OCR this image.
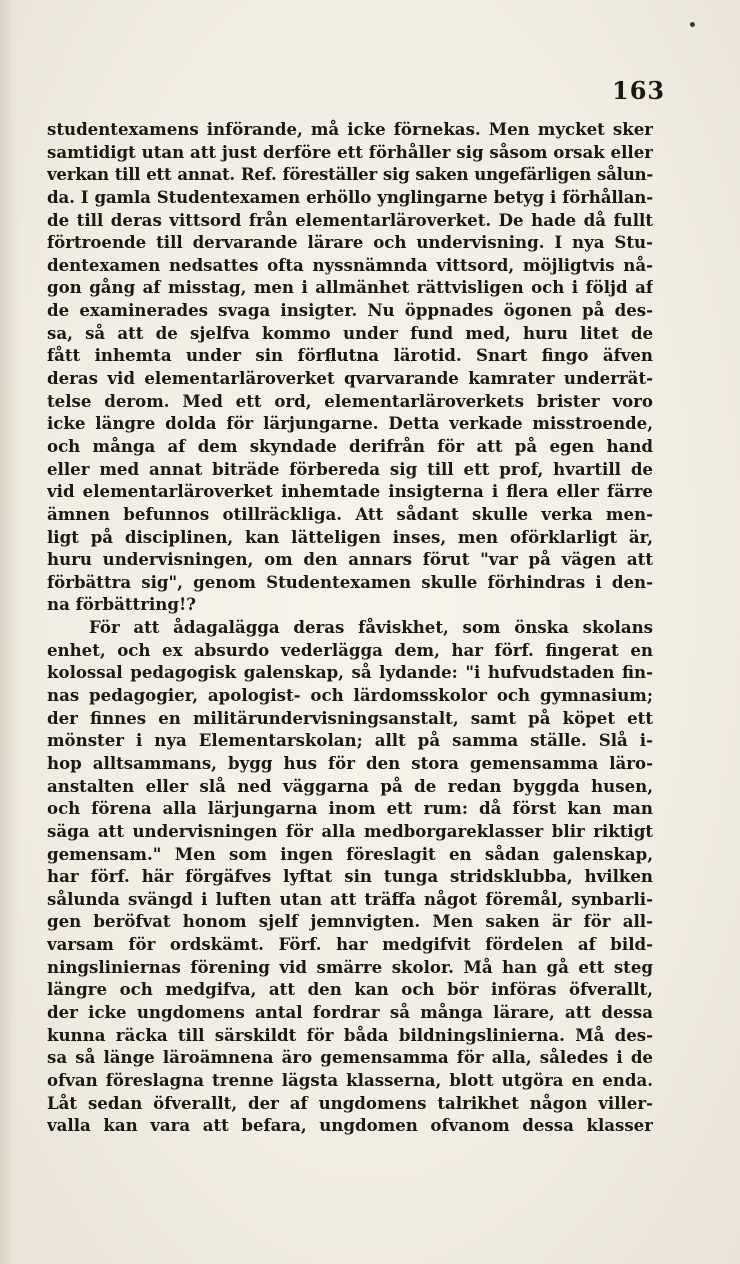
163
studentexamens införande, må icke förnekas. Men mycket sker
samtidigt utan att just derföre ett förhåller sig såsom orsak eller
verkan till ett annat. Ref. föreställer sig saken ungefärligen sålun-
da. I gamla Studentexamen erhöllo ynglingarne betyg i förhållan-
de till deras vittsord från elementarläroverket. De hade då fullt
förtroende till dervarande lärare och undervisning. I nya Stu-
dentexamen nedsattes ofta nyssnämnda vittsord, möjligtvis nå-
gon gång af misstag, men i allmänhet rättvisligen och i följd af
de examinerades svaga insigter. Nu öppnades ögonen på des-
sa, så att de sjelfva kommo under fund med, huru litet de
fått inhemta under sin förflutna lärotid. Snart fingo äfven
deras vid elementarläroverket qvarvarande kamrater underrät-
telse derom. Med ett ord, elementarläroverkets brister voro
icke längre dolda för lärjungarne. Detta verkade misstroende,
och många af dem skyndade derifrån för att på egen hand
eller med annat biträde förbereda sig till ett prof, hvartill de
vid elementarläroverket inhemtade insigterna i flera eller färre
ämnen befunnos otillräckliga. Att sådant skulle verka men-
ligt på disciplinen, kan lätteligen inses, men oförklarligt är,
huru undervisningen, om den annars förut "var på vägen att
förbättra sig", genom Studentexamen skulle förhindras i den-
na förbättring!?
För att ådagalägga deras fåviskhet, som önska skolans
enhet, och ex absurdo vederlägga dem, har förf. fingerat en
kolossal pedagogisk galenskap, så lydande: "i hufvudstaden fin-
nas pedagogier, apologist- och lärdomsskolor och gymnasium;
der finnes en militärundervisningsanstalt, samt på köpet ett
mönster i nya Elementarskolan; allt på samma ställe. Slå i-
hop alltsammans, bygg hus för den stora gemensamma läro-
anstalten eller slå ned väggarna på de redan byggda husen,
och förena alla lärjungarna inom ett rum: då först kan man
säga att undervisningen för alla medborgareklasser blir riktigt
gemensam." Men som ingen föreslagit en sådan galenskap,
har förf. här förgäfves lyftat sin tunga stridsklubba, hvilken
sålunda svängd i luften utan att träffa något föremål, synbarli-
gen beröfvat honom sjelf jemnvigten. Men saken är för all-
varsam för ordskämt. Förf. har medgifvit fördelen af bild-
ningsliniernas förening vid smärre skolor. Må han gå ett steg
längre och medgifva, att den kan och bör införas öfverallt,
der icke ungdomens antal fordrar så många lärare, att dessa
kunna räcka till särskildt för båda bildningslinierna. Må des-
sa så länge läroämnena äro gemensamma för alla, således i de
ofvan föreslagna trenne lägsta klasserna, blott utgöra en enda.
Låt sedan öfverallt, der af ungdomens talrikhet någon viller-
valla kan vara att befara, ungdomen ofvanom dessa klasser
